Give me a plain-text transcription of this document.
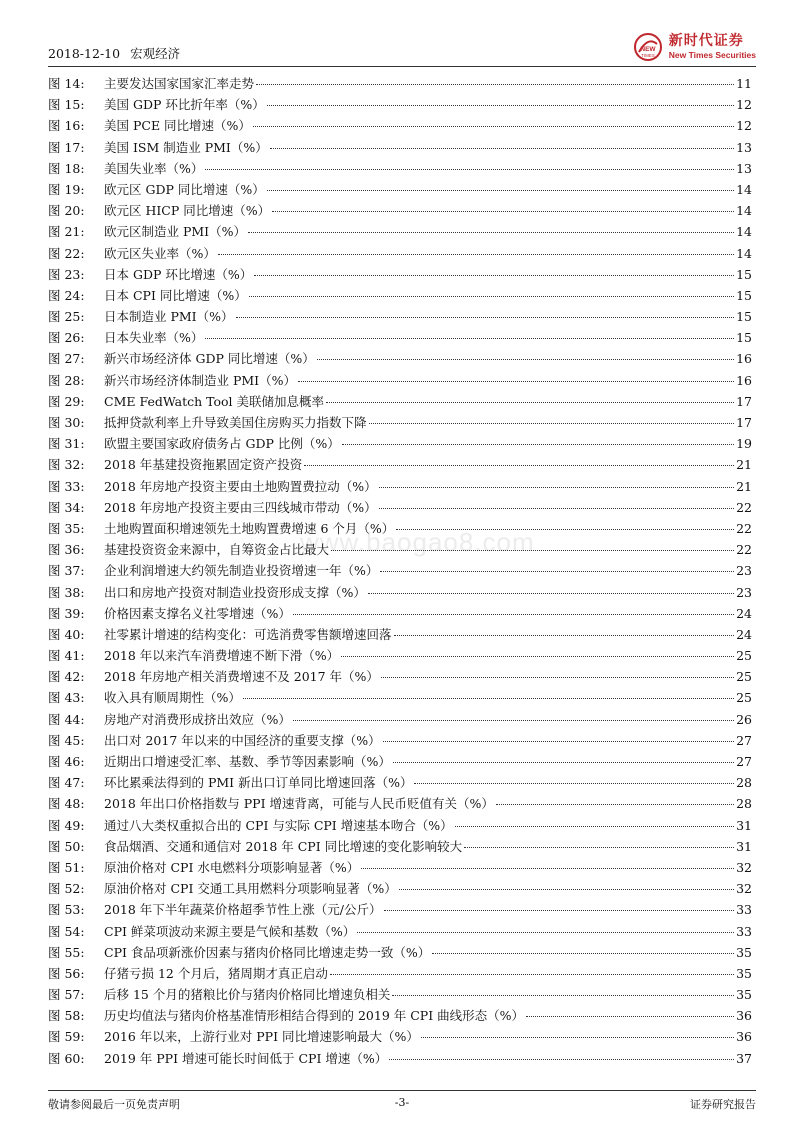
2018-12-10 宏观经济	NEW
TIMES
新时代证券
New Times Securities
www.baogao8.com
图 14:	主要发达国家国家汇率走势	11
图 15:	美国 GDP 环比折年率（%）	12
图 16:	美国 PCE 同比增速（%）	12
图 17:	美国 ISM 制造业 PMI（%）	13
图 18:	美国失业率（%）	13
图 19:	欧元区 GDP 同比增速（%）	14
图 20:	欧元区 HICP 同比增速（%）	14
图 21:	欧元区制造业 PMI（%）	14
图 22:	欧元区失业率（%）	14
图 23:	日本 GDP 环比增速（%）	15
图 24:	日本 CPI 同比增速（%）	15
图 25:	日本制造业 PMI（%）	15
图 26:	日本失业率（%）	15
图 27:	新兴市场经济体 GDP 同比增速（%）	16
图 28:	新兴市场经济体制造业 PMI（%）	16
图 29:	CME FedWatch Tool 美联储加息概率	17
图 30:	抵押贷款利率上升导致美国住房购买力指数下降	17
图 31:	欧盟主要国家政府债务占 GDP 比例（%）	19
图 32:	2018 年基建投资拖累固定资产投资	21
图 33:	2018 年房地产投资主要由土地购置费拉动（%）	21
图 34:	2018 年房地产投资主要由三四线城市带动（%）	22
图 35:	土地购置面积增速领先土地购置费增速 6 个月（%）	22
图 36:	基建投资资金来源中，自筹资金占比最大	22
图 37:	企业利润增速大约领先制造业投资增速一年（%）	23
图 38:	出口和房地产投资对制造业投资形成支撑（%）	23
图 39:	价格因素支撑名义社零增速（%）	24
图 40:	社零累计增速的结构变化：可选消费零售额增速回落	24
图 41:	2018 年以来汽车消费增速不断下滑（%）	25
图 42:	2018 年房地产相关消费增速不及 2017 年（%）	25
图 43:	收入具有顺周期性（%）	25
图 44:	房地产对消费形成挤出效应（%）	26
图 45:	出口对 2017 年以来的中国经济的重要支撑（%）	27
图 46:	近期出口增速受汇率、基数、季节等因素影响（%）	27
图 47:	环比累乘法得到的 PMI 新出口订单同比增速回落（%）	28
图 48:	2018 年出口价格指数与 PPI 增速背离，可能与人民币贬值有关（%）	28
图 49:	通过八大类权重拟合出的 CPI 与实际 CPI 增速基本吻合（%）	31
图 50:	食品烟酒、交通和通信对 2018 年 CPI 同比增速的变化影响较大	31
图 51:	原油价格对 CPI 水电燃料分项影响显著（%）	32
图 52:	原油价格对 CPI 交通工具用燃料分项影响显著（%）	32
图 53:	2018 年下半年蔬菜价格超季节性上涨（元/公斤）	33
图 54:	CPI 鲜菜项波动来源主要是气候和基数（%）	33
图 55:	CPI 食品项新涨价因素与猪肉价格同比增速走势一致（%）	35
图 56:	仔猪亏损 12 个月后，猪周期才真正启动	35
图 57:	后移 15 个月的猪粮比价与猪肉价格同比增速负相关	35
图 58:	历史均值法与猪肉价格基准情形相结合得到的 2019 年 CPI 曲线形态（%）	36
图 59:	2016 年以来，上游行业对 PPI 同比增速影响最大（%）	36
图 60:	2019 年 PPI 增速可能长时间低于 CPI 增速（%）	37
敬请参阅最后一页免责声明	-3-	证券研究报告
